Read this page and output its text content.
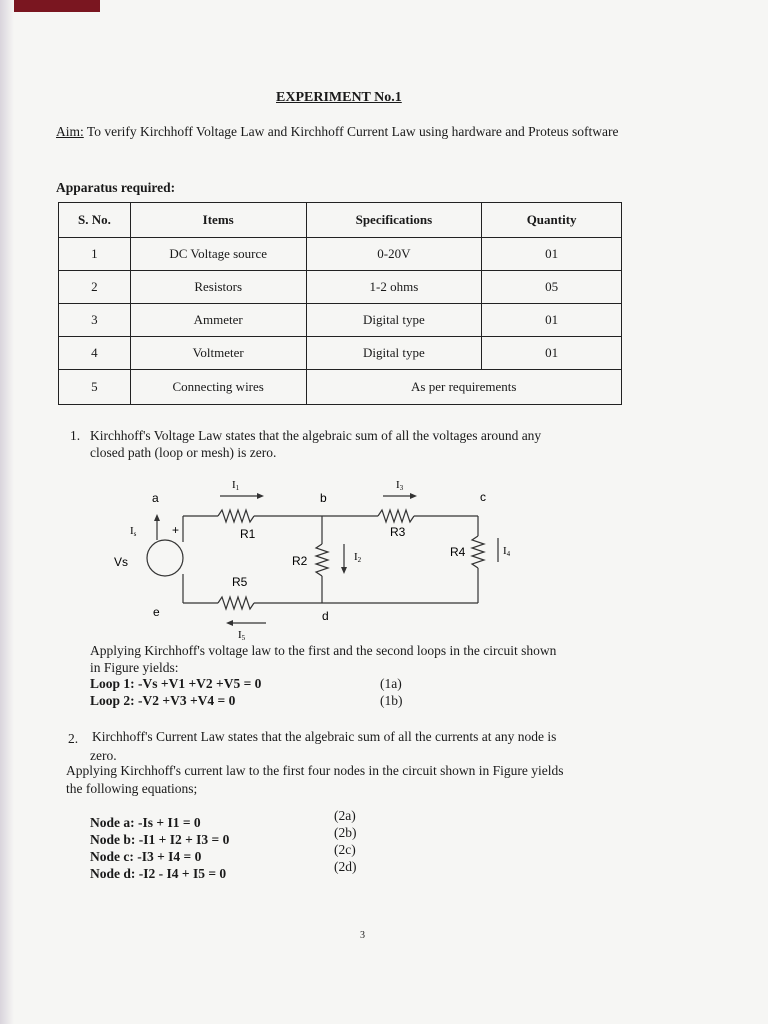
EXPERIMENT No.1
Aim: To verify Kirchhoff Voltage Law and Kirchhoff Current Law using hardware and Proteus software
Apparatus required:
S. No.	Items	Specifications	Quantity
1	DC Voltage source	0-20V	01
2	Resistors	1-2 ohms	05
3	Ammeter	Digital type	01
4	Voltmeter	Digital type	01
5	Connecting wires	As per requirements	
1. Kirchhoff's Voltage Law states that the algebraic sum of all the voltages around any
closed path (loop or mesh) is zero.
a	b	c
d
e
R1
R2
R3
R4
R5
Vs
+
I1	I3
Is
I2
I4
I5
Applying Kirchhoff's voltage law to the first and the second loops in the circuit shown
in Figure yields:
Loop 1: -Vs +V1 +V2 +V5 = 0	(1a)
Loop 2: -V2 +V3 +V4 = 0	(1b)
2. Kirchhoff's Current Law states that the algebraic sum of all the currents at any node is
zero.
Applying Kirchhoff's current law to the first four nodes in the circuit shown in Figure yields
the following equations;
Node a: -Is + I1 = 0	(2a)
Node b: -I1 + I2 + I3 = 0	(2b)
Node c: -I3 + I4 = 0	(2c)
Node d: -I2 - I4 + I5 = 0	(2d)
3
